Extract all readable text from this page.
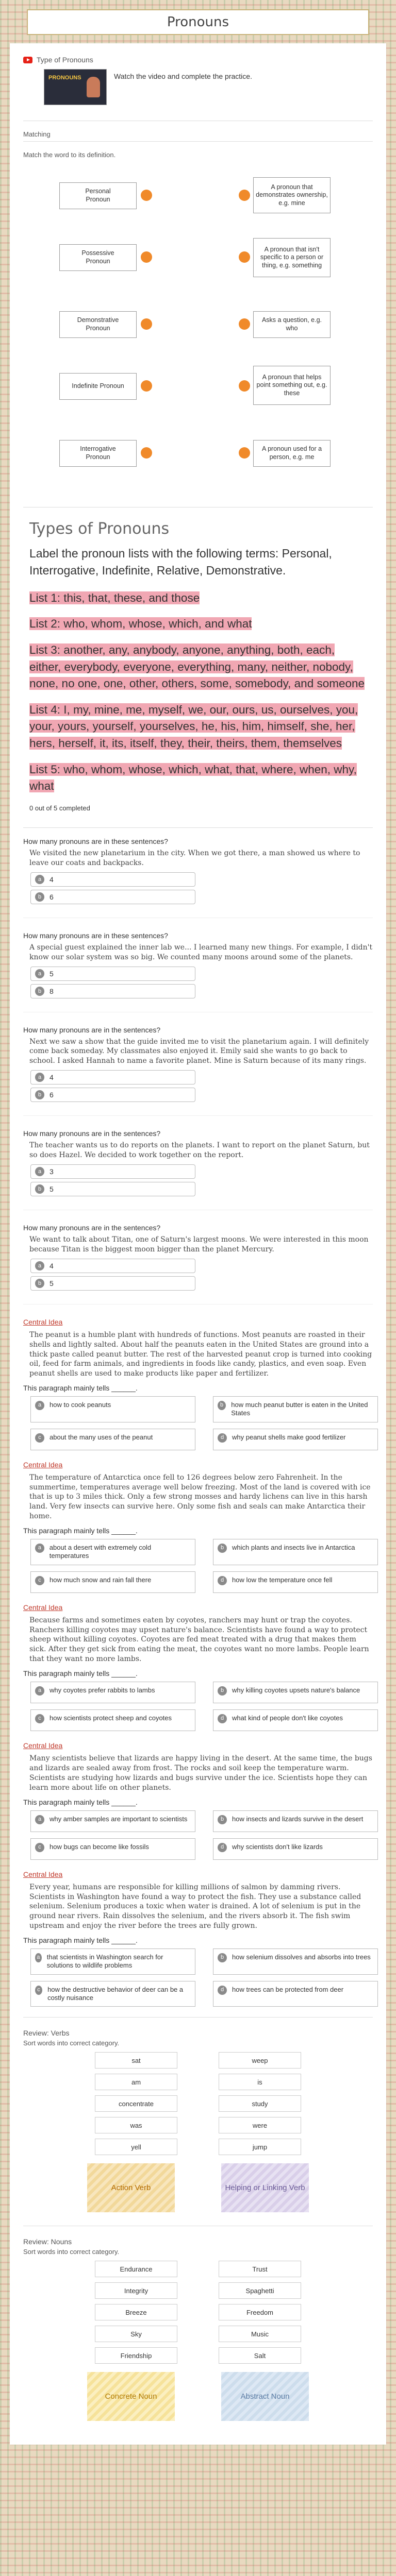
Pronouns
Type of Pronouns
PRONOUNS	Watch the video and complete the practice.
Matching
Match the word to its definition.
Personal
Pronoun
A pronoun that demonstrates ownership, e.g. mine
Possessive
Pronoun
A pronoun that isn't specific to a person or thing, e.g. something
Demonstrative
Pronoun
Asks a question, e.g. who
Indefinite Pronoun
A pronoun that helps point something out, e.g. these
Interrogative
Pronoun
A pronoun used for a person, e.g. me
Types of Pronouns
Label the pronoun lists with the following terms: Personal, Interrogative, Indefinite, Relative, Demonstrative.
List 1: this, that, these, and those
List 2: who, whom, whose, which, and what
List 3: another, any, anybody, anyone, anything, both, each, either, everybody, everyone, everything, many, neither, nobody, none, no one, one, other, others, some, somebody, and someone
List 4: I, my, mine, me, myself, we, our, ours, us, ourselves, you, your, yours, yourself, yourselves, he, his, him, himself, she, her, hers, herself, it, its, itself, they, their, theirs, them, themselves
List 5: who, whom, whose, which, what, that, where, when, why, what
0 out of 5 completed
How many pronouns are in these sentences?
We visited the new planetarium in the city. When we got there, a man showed us where to leave our coats and backpacks.
a	4
b	6
How many pronouns are in these sentences?
A special guest explained the inner lab we... I learned many new things. For example, I didn't know our solar system was so big. We counted many moons around some of the planets.
a	5
b	8
How many pronouns are in the sentences?
Next we saw a show that the guide invited me to visit the planetarium again. I will definitely come back someday. My classmates also enjoyed it. Emily said she wants to go back to school. I asked Hannah to name a favorite planet. Mine is Saturn because of its many rings.
a	4
b	6
How many pronouns are in the sentences?
The teacher wants us to do reports on the planets. I want to report on the planet Saturn, but so does Hazel. We decided to work together on the report.
a	3
b	5
How many pronouns are in the sentences?
We want to talk about Titan, one of Saturn's largest moons. We were interested in this moon because Titan is the biggest moon bigger than the planet Mercury.
a	4
b	5
Central Idea
The peanut is a humble plant with hundreds of functions. Most peanuts are roasted in their shells and lightly salted. About half the peanuts eaten in the United States are ground into a thick paste called peanut butter. The rest of the harvested peanut crop is turned into cooking oil, feed for farm animals, and ingredients in foods like candy, plastics, and even soap. Even peanut shells are used to make products like paper and fertilizer.
This paragraph mainly tells ______.
a	how to cook peanuts	b	how much peanut butter is eaten in the United States
c	about the many uses of the peanut	d	why peanut shells make good fertilizer
Central Idea
The temperature of Antarctica once fell to 126 degrees below zero Fahrenheit. In the summertime, temperatures average well below freezing. Most of the land is covered with ice that is up to 3 miles thick. Only a few strong mosses and hardy lichens can live in this harsh land. Very few insects can survive here. Only some fish and seals can make Antarctica their home.
This paragraph mainly tells ______.
a	about a desert with extremely cold temperatures
b	which plants and insects live in Antarctica
c	how much snow and rain fall there	d	how low the temperature once fell
Central Idea
Because farms and sometimes eaten by coyotes, ranchers may hunt or trap the coyotes. Ranchers killing coyotes may upset nature's balance. Scientists have found a way to protect sheep without killing coyotes. Coyotes are fed meat treated with a drug that makes them sick. After they get sick from eating the meat, the coyotes want no more lambs. People learn that they want no more lambs.
This paragraph mainly tells ______.
a	why coyotes prefer rabbits to lambs	b	why killing coyotes upsets nature's balance
c	how scientists protect sheep and coyotes	d	what kind of people don't like coyotes
Central Idea
Many scientists believe that lizards are happy living in the desert. At the same time, the bugs and lizards are sealed away from frost. The rocks and soil keep the temperature warm. Scientists are studying how lizards and bugs survive under the ice. Scientists hope they can learn more about life on other planets.
This paragraph mainly tells ______.
a	why amber samples are important to scientists	b	how insects and lizards survive in the desert
c	how bugs can become like fossils	d	why scientists don't like lizards
Central Idea
Every year, humans are responsible for killing millions of salmon by damming rivers. Scientists in Washington have found a way to protect the fish. They use a substance called selenium. Selenium produces a toxic when water is drained. A lot of selenium is put in the ground near rivers. Rain dissolves the selenium, and the rivers absorb it. The fish swim upstream and enjoy the river before the trees are fully grown.
This paragraph mainly tells ______.
a that scientists in Washington search for solutions to wildlife problems
b	how selenium dissolves and absorbs into trees
c	how the destructive behavior of deer can be a costly nuisance
d	how trees can be protected from deer
Review: Verbs
Sort words into correct category.
sat	weep
am	is
concentrate	study
was	were
yell	jump
Action Verb	Helping or Linking Verb
Review: Nouns
Sort words into correct category.
Endurance	Trust
Integrity	Spaghetti
Breeze	Freedom
Sky	Music
Friendship	Salt
Concrete Noun	Abstract Noun
